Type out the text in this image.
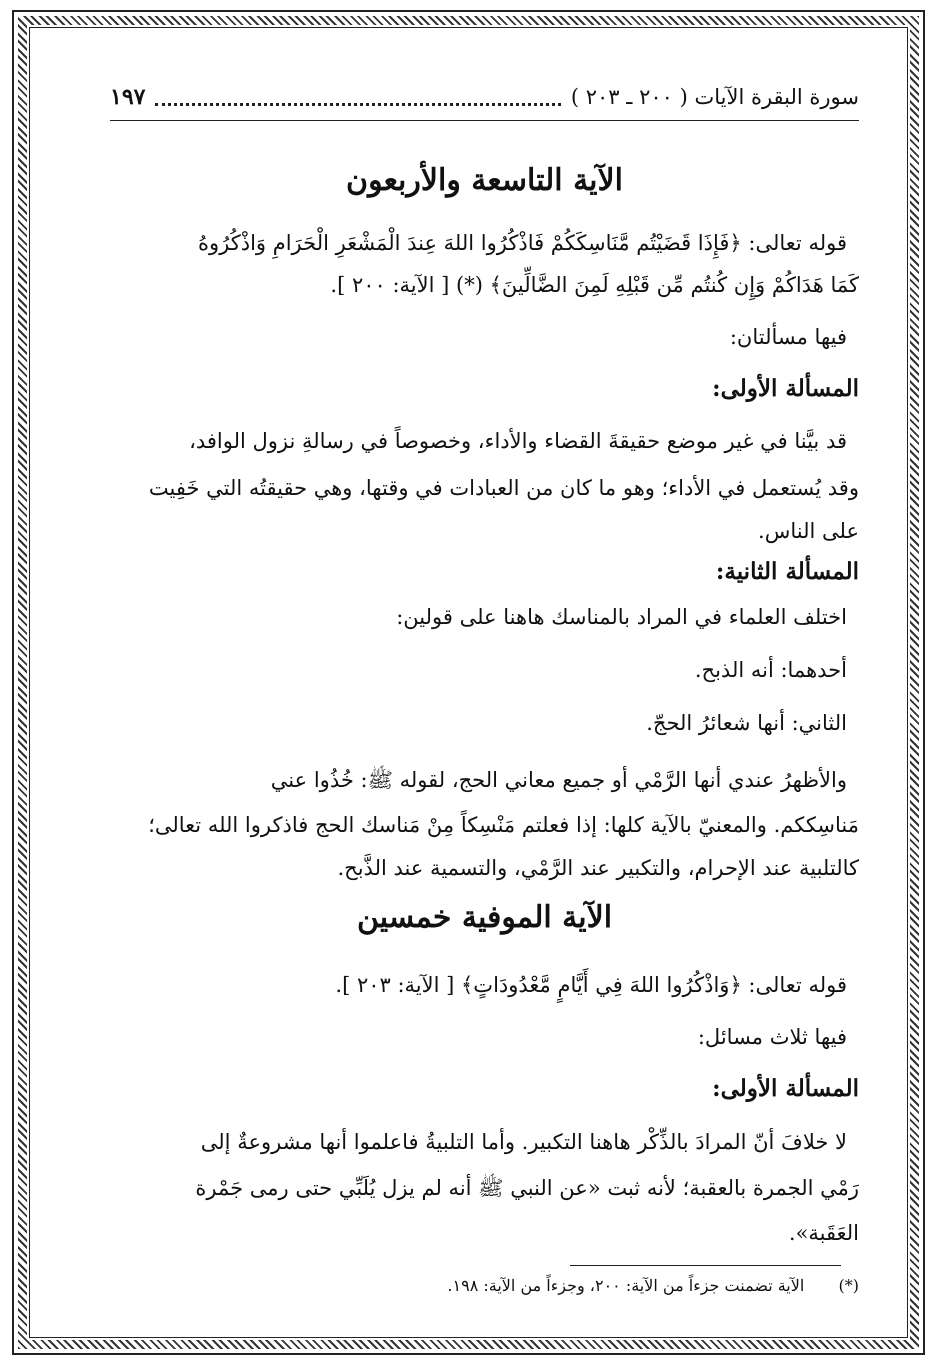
سورة البقرة الآيات ( ٢٠٠ ـ ٢٠٣ )
١٩٧
الآية التاسعة والأربعون
قوله تعالى: ﴿فَإِذَا قَضَيْتُم مَّنَاسِكَكُمْ فَاذْكُرُوا اللهَ عِندَ الْمَشْعَرِ الْحَرَامِ وَاذْكُرُوهُ
كَمَا هَدَاكُمْ وَإِن كُنتُم مِّن قَبْلِهِ لَمِنَ الضَّالِّينَ﴾ (*) [ الآية: ٢٠٠ ].
فيها مسألتان:
المسألة الأولى:
قد بيَّنا في غير موضع حقيقةَ القضاء والأداء، وخصوصاً في رسالةِ نزول الوافد،
وقد يُستعمل في الأداء؛ وهو ما كان من العبادات في وقتها، وهي حقيقتُه التي خَفِيت
على الناس.
المسألة الثانية:
اختلف العلماء في المراد بالمناسك هاهنا على قولين:
أحدهما: أنه الذبح.
الثاني: أنها شعائرُ الحجّ.
والأظهرُ عندي أنها الرَّمْي أو جميع معاني الحج، لقوله ﷺ: خُذُوا عني
مَناسِككم. والمعنيّ بالآية كلها: إذا فعلتم مَنْسِكاً مِنْ مَناسك الحج فاذكروا الله تعالى؛
كالتلبية عند الإحرام، والتكبير عند الرَّمْي، والتسمية عند الذَّبح.
الآية الموفية خمسين
قوله تعالى: ﴿وَاذْكُرُوا اللهَ فِي أَيَّامٍ مَّعْدُودَاتٍ﴾ [ الآية: ٢٠٣ ].
فيها ثلاث مسائل:
المسألة الأولى:
لا خلافَ أنّ المرادَ بالذِّكْر هاهنا التكبير. وأما التلبيةُ فاعلموا أنها مشروعةٌ إلى
رَمْي الجمرة بالعقبة؛ لأنه ثبت «عن النبي ﷺ أنه لم يزل يُلَبِّي حتى رمى جَمْرة
العَقَبة».
(*)  الآية تضمنت جزءاً من الآية: ٢٠٠، وجزءاً من الآية: ١٩٨.
